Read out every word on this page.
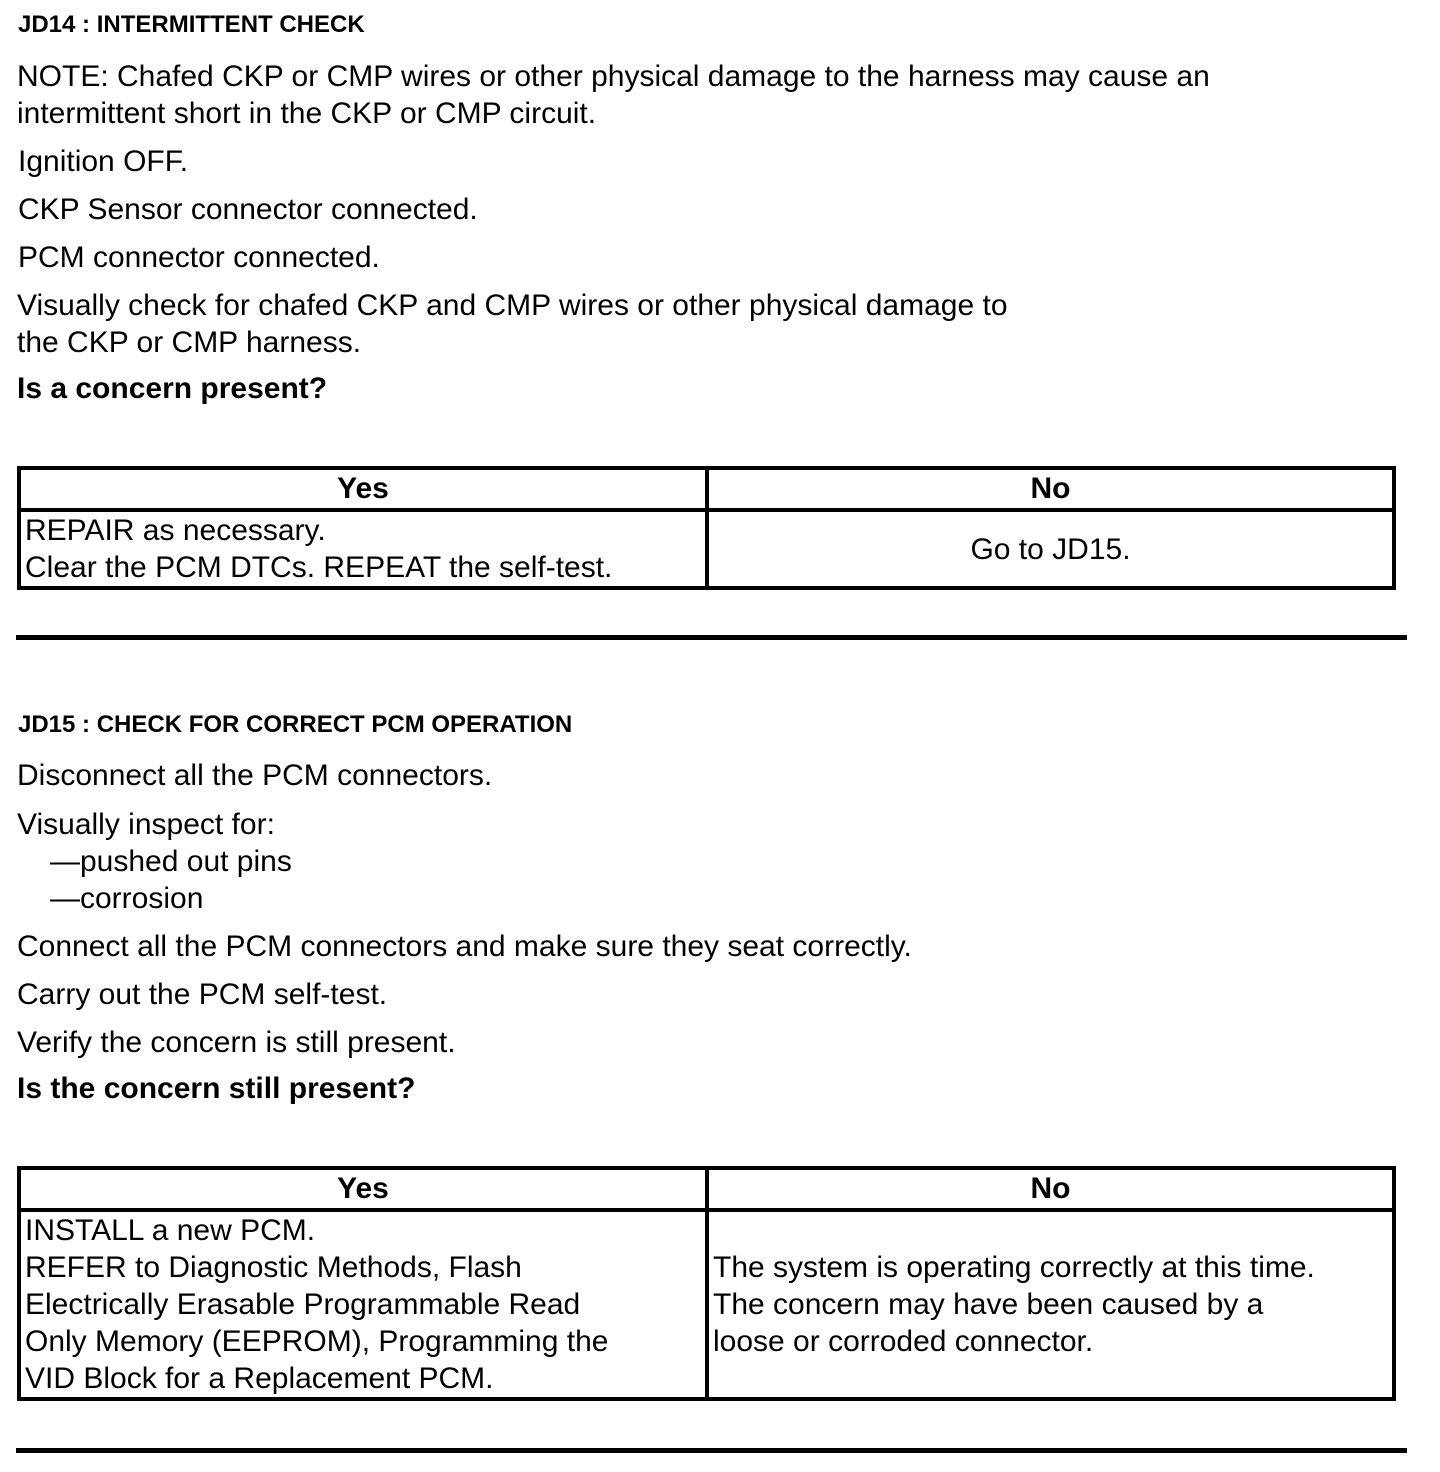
JD14 : INTERMITTENT CHECK
NOTE: Chafed CKP or CMP wires or other physical damage to the harness may cause an
intermittent short in the CKP or CMP circuit.
Ignition OFF.
CKP Sensor connector connected.
PCM connector connected.
Visually check for chafed CKP and CMP wires or other physical damage to
the CKP or CMP harness.
Is a concern present?
Yes	No

REPAIR as necessary.
Clear the PCM DTCs. REPEAT the self-test.	Go to JD15.
JD15 : CHECK FOR CORRECT PCM OPERATION
Disconnect all the PCM connectors.
Visually inspect for:
—pushed out pins
—corrosion
Connect all the PCM connectors and make sure they seat correctly.
Carry out the PCM self-test.
Verify the concern is still present.
Is the concern still present?
Yes	No

INSTALL a new PCM.
REFER to Diagnostic Methods, Flash
Electrically Erasable Programmable Read
Only Memory (EEPROM), Programming the
VID Block for a Replacement PCM.	The system is operating correctly at this time.
The concern may have been caused by a
loose or corroded connector.
